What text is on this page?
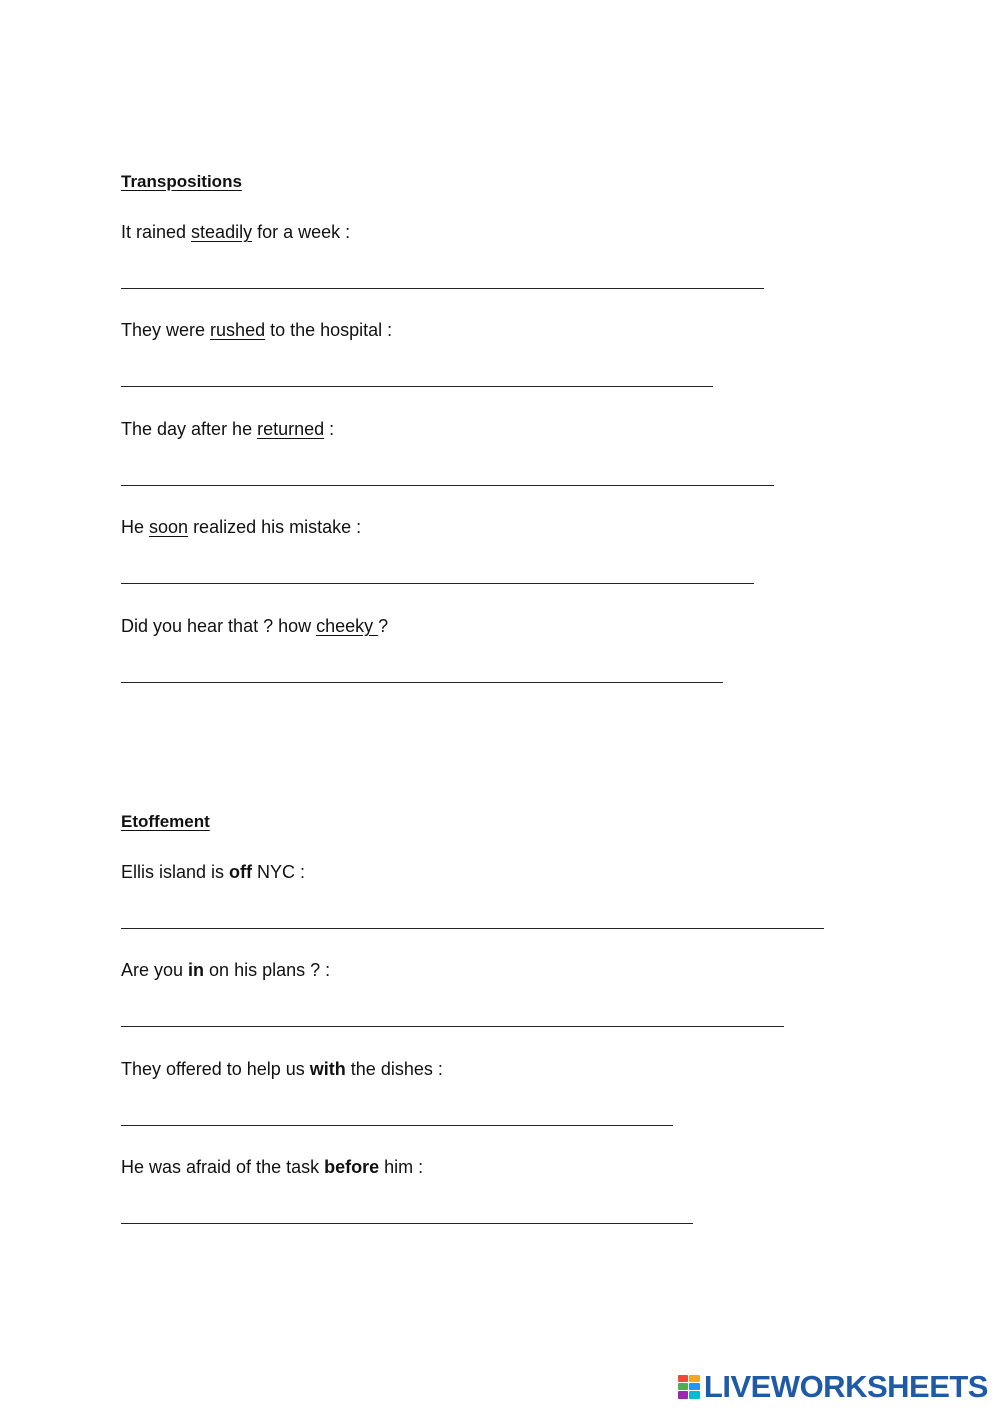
Transpositions
It rained steadily for a week :
They were rushed to the hospital :
The day after he returned :
He soon realized his mistake :
Did you hear that ? how cheeky ?
Etoffement
Ellis island is off NYC :
Are you in on his plans ? :
They offered to help us with the dishes :
He was afraid of the task before him :
LIVEWORKSHEETS
